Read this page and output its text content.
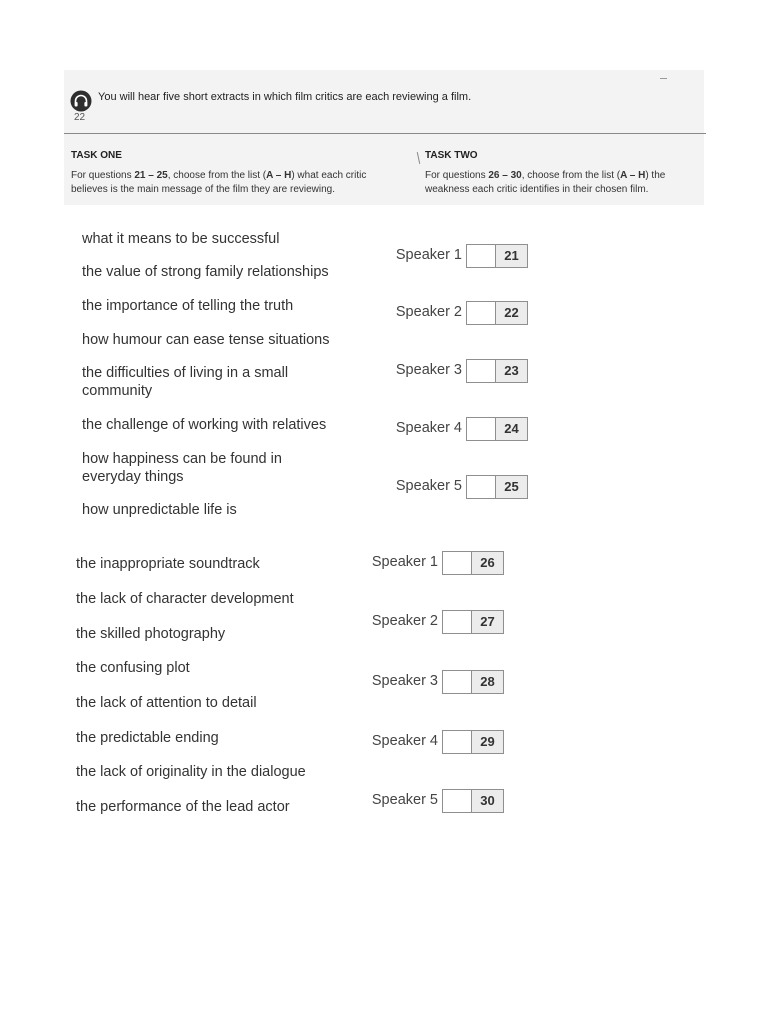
You will hear five short extracts in which film critics are each reviewing a film.
22
TASK ONE
For questions 21 – 25, choose from the list (A – H) what each critic believes is the main message of the film they are reviewing.
TASK TWO
For questions 26 – 30, choose from the list (A – H) the weakness each critic identifies in their chosen film.
what it means to be successful
the value of strong family relationships
the importance of telling the truth
how humour can ease tense situations
the difficulties of living in a small community
the challenge of working with relatives
how happiness can be found in everyday things
how unpredictable life is
Speaker 1	21
Speaker 2	22
Speaker 3	23
Speaker 4	24
Speaker 5	25
the inappropriate soundtrack
the lack of character development
the skilled photography
the confusing plot
the lack of attention to detail
the predictable ending
the lack of originality in the dialogue
the performance of the lead actor
Speaker 1	26
Speaker 2	27
Speaker 3	28
Speaker 4	29
Speaker 5	30
